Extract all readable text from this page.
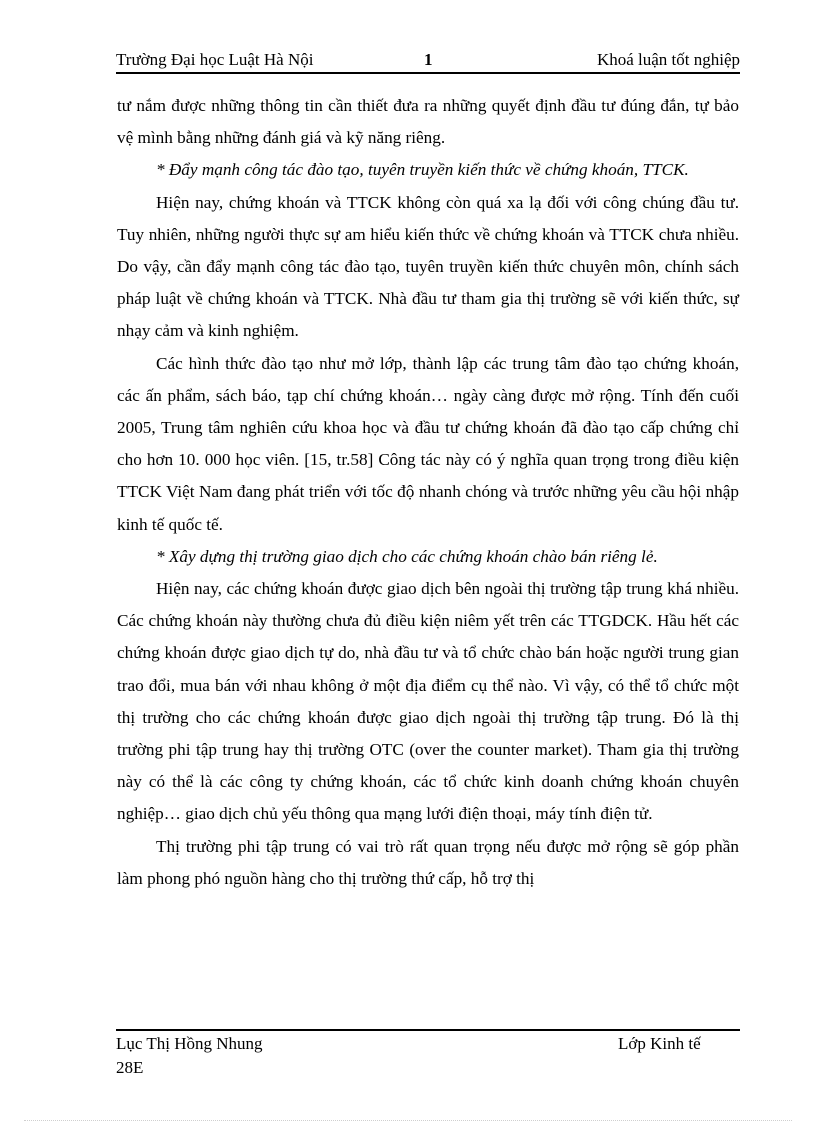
Trường Đại học Luật Hà Nội	1	Khoá luận tốt nghiệp

tư nắm được những thông tin cần thiết đưa ra những quyết định đầu tư đúng đắn, tự bảo vệ mình bằng những đánh giá và kỹ năng riêng.

* Đẩy mạnh công tác đào tạo, tuyên truyền kiến thức về chứng khoán, TTCK.

Hiện nay, chứng khoán và TTCK không còn quá xa lạ đối với công chúng đầu tư. Tuy nhiên, những người thực sự am hiểu kiến thức về chứng khoán và TTCK chưa nhiều. Do vậy, cần đẩy mạnh công tác đào tạo, tuyên truyền kiến thức chuyên môn, chính sách pháp luật về chứng khoán và TTCK. Nhà đầu tư tham gia thị trường sẽ với kiến thức, sự nhạy cảm và kinh nghiệm.

Các hình thức đào tạo như mở lớp, thành lập các trung tâm đào tạo chứng khoán, các ấn phẩm, sách báo, tạp chí chứng khoán… ngày càng được mở rộng. Tính đến cuối 2005, Trung tâm nghiên cứu khoa học và đầu tư chứng khoán đã đào tạo cấp chứng chỉ cho hơn 10. 000 học viên. [15, tr.58] Công tác này có ý nghĩa quan trọng trong điều kiện TTCK Việt Nam đang phát triển với tốc độ nhanh chóng và trước những yêu cầu hội nhập kinh tế quốc tế.

* Xây dựng thị trường giao dịch cho các chứng khoán chào bán riêng lẻ.

Hiện nay, các chứng khoán được giao dịch bên ngoài thị trường tập trung khá nhiều. Các chứng khoán này thường chưa đủ điều kiện niêm yết trên các TTGDCK. Hầu hết các chứng khoán được giao dịch tự do, nhà đầu tư và tổ chức chào bán hoặc người trung gian trao đổi, mua bán với nhau không ở một địa điểm cụ thể nào. Vì vậy, có thể tổ chức một thị trường cho các chứng khoán được giao dịch ngoài thị trường tập trung. Đó là thị trường phi tập trung hay thị trường OTC (over the counter market). Tham gia thị trường này có thể là các công ty chứng khoán, các tổ chức kinh doanh chứng khoán chuyên nghiệp… giao dịch chủ yếu thông qua mạng lưới điện thoại, máy tính điện tử.

Thị trường phi tập trung có vai trò rất quan trọng nếu được mở rộng sẽ góp phần làm phong phó nguồn hàng cho thị trường thứ cấp, hỗ trợ thị

Lục Thị Hồng Nhung	Lớp Kinh tế
28E
